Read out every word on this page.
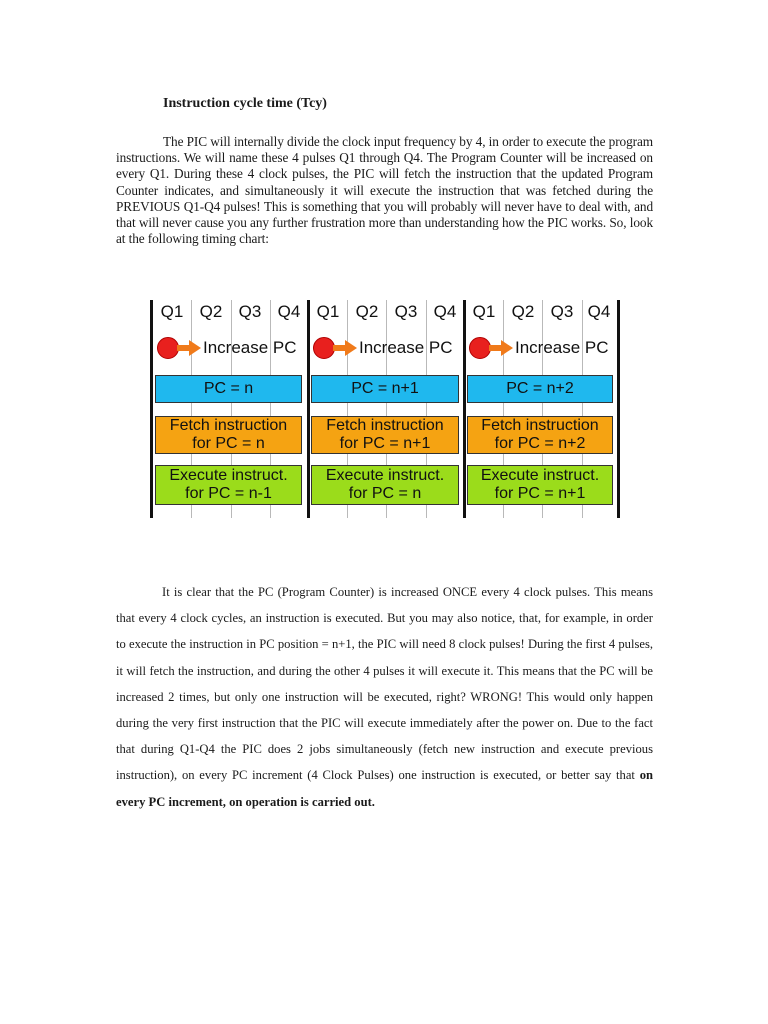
Instruction cycle time (Tcy)
The PIC will internally divide the clock input frequency by 4, in order to execute the program instructions. We will name these 4 pulses Q1 through Q4. The Program Counter will be increased on every Q1. During these 4 clock pulses, the PIC will fetch the instruction that the updated Program Counter indicates, and simultaneously it will execute the instruction that was fetched during the PREVIOUS Q1-Q4 pulses! This is something that you will probably will never have to deal with, and that will never cause you any further frustration more than understanding how the PIC works. So, look at the following timing chart:
Q1 Q2 Q3 Q4
Increase PC
PC = n
Fetch instruction
for PC = n
Execute instruct.
for PC = n-1
Q1 Q2 Q3 Q4
Increase PC
PC = n+1
Fetch instruction
for PC = n+1
Execute instruct.
for PC = n
Q1 Q2 Q3 Q4
Increase PC
PC = n+2
Fetch instruction
for PC = n+2
Execute instruct.
for PC = n+1
It is clear that the PC (Program Counter) is increased ONCE every 4 clock pulses. This means that every 4 clock cycles, an instruction is executed. But you may also notice, that, for example, in order to execute the instruction in PC position = n+1, the PIC will need 8 clock pulses! During the first 4 pulses, it will fetch the instruction, and during the other 4 pulses it will execute it. This means that the PC will be increased 2 times, but only one instruction will be executed, right? WRONG! This would only happen during the very first instruction that the PIC will execute immediately after the power on. Due to the fact that during Q1-Q4 the PIC does 2 jobs simultaneously (fetch new instruction and execute previous instruction), on every PC increment (4 Clock Pulses) one instruction is executed, or better say that on every PC increment, on operation is carried out.
